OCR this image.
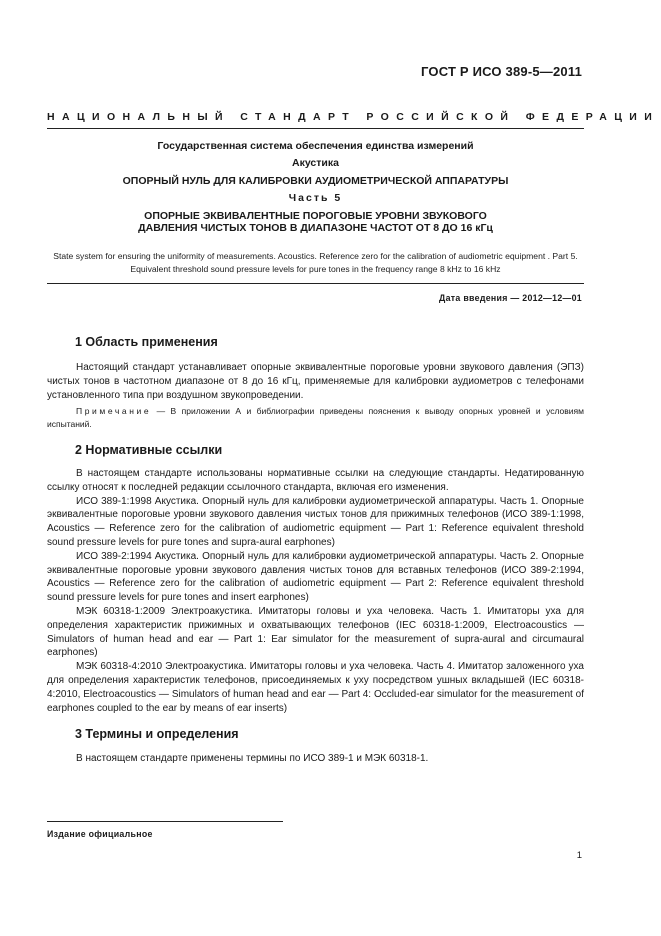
ГОСТ Р ИСО 389-5—2011
НАЦИОНАЛЬНЫЙ СТАНДАРТ РОССИЙСКОЙ ФЕДЕРАЦИИ
Государственная система обеспечения единства измерений
Акустика
ОПОРНЫЙ НУЛЬ ДЛЯ КАЛИБРОВКИ АУДИОМЕТРИЧЕСКОЙ АППАРАТУРЫ
Часть 5
ОПОРНЫЕ ЭКВИВАЛЕНТНЫЕ ПОРОГОВЫЕ УРОВНИ ЗВУКОВОГО
ДАВЛЕНИЯ ЧИСТЫХ ТОНОВ В ДИАПАЗОНЕ ЧАСТОТ ОТ 8 ДО 16 кГц
State system for ensuring the uniformity of measurements. Acoustics. Reference zero for the calibration of audiometric equipment . Part 5. Equivalent threshold sound pressure levels for pure tones in the frequency range 8 kHz to 16 kHz
Дата введения — 2012—12—01
1 Область применения

Настоящий стандарт устанавливает опорные эквивалентные пороговые уровни звукового давления (ЭПЗ) чистых тонов в частотном диапазоне от 8 до 16 кГц, применяемые для калибровки аудиометров с телефонами установленного типа при воздушном звукопроведении.

Примечание — В приложении А и библиографии приведены пояснения к выводу опорных уровней и условиям испытаний.

2 Нормативные ссылки

В настоящем стандарте использованы нормативные ссылки на следующие стандарты. Недатированную ссылку относят к последней редакции ссылочного стандарта, включая его изменения.

ИСО 389-1:1998 Акустика. Опорный нуль для калибровки аудиометрической аппаратуры. Часть 1. Опорные эквивалентные пороговые уровни звукового давления чистых тонов для прижимных телефонов (ИСО 389-1:1998, Acoustics — Reference zero for the calibration of audiometric equipment — Part 1: Reference equivalent threshold sound pressure levels for pure tones and supra-aural earphones)

ИСО 389-2:1994 Акустика. Опорный нуль для калибровки аудиометрической аппаратуры. Часть 2. Опорные эквивалентные пороговые уровни звукового давления чистых тонов для вставных телефонов (ИСО 389-2:1994, Acoustics — Reference zero for the calibration of audiometric equipment — Part 2: Reference equivalent threshold sound pressure levels for pure tones and insert earphones)

МЭК 60318-1:2009 Электроакустика. Имитаторы головы и уха человека. Часть 1. Имитаторы уха для определения характеристик прижимных и охватывающих телефонов (IEC 60318-1:2009, Electroacoustics — Simulators of human head and ear — Part 1: Ear simulator for the measurement of supra-aural and circumaural earphones)

МЭК 60318-4:2010 Электроакустика. Имитаторы головы и уха человека. Часть 4. Имитатор заложенного уха для определения характеристик телефонов, присоединяемых к уху посредством ушных вкладышей (IEC 60318-4:2010, Electroacoustics — Simulators of human head and ear — Part 4: Occluded-ear simulator for the measurement of earphones coupled to the ear by means of ear inserts)

3 Термины и определения

В настоящем стандарте применены термины по ИСО 389-1 и МЭК 60318-1.

Издание официальное
1
